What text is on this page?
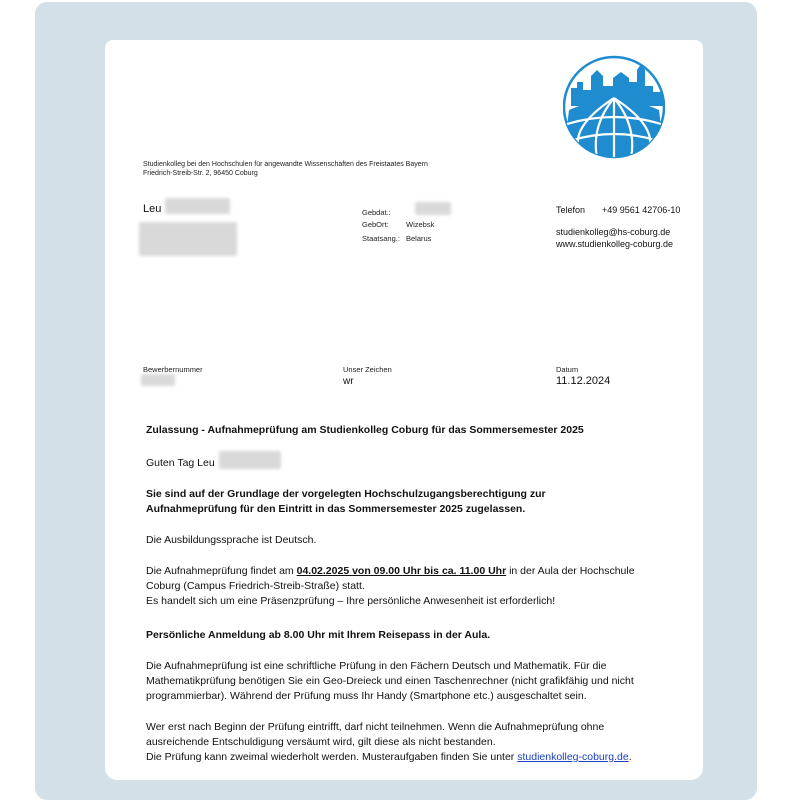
Studienkolleg bei den Hochschulen für angewandte Wissenschaften des Freistaates Bayern
Friedrich-Streib-Str. 2, 96450 Coburg
Leu	Gebdat.:
GebOrt: Wizebsk
Staatsang.: Belarus
Telefon +49 9561 42706-10
studienkolleg@hs-coburg.de
www.studienkolleg-coburg.de
Bewerbernummer	Unser Zeichen
wr
Datum
11.12.2024
Zulassung - Aufnahmeprüfung am Studienkolleg Coburg für das Sommersemester 2025
Guten Tag Leu
Sie sind auf der Grundlage der vorgelegten Hochschulzugangsberechtigung zur
Aufnahmeprüfung für den Eintritt in das Sommersemester 2025 zugelassen.
Die Ausbildungssprache ist Deutsch.
Die Aufnahmeprüfung findet am 04.02.2025 von 09.00 Uhr bis ca. 11.00 Uhr in der Aula der Hochschule
Coburg (Campus Friedrich-Streib-Straße) statt.
Es handelt sich um eine Präsenzprüfung – Ihre persönliche Anwesenheit ist erforderlich!
Persönliche Anmeldung ab 8.00 Uhr mit Ihrem Reisepass in der Aula.
Die Aufnahmeprüfung ist eine schriftliche Prüfung in den Fächern Deutsch und Mathematik. Für die
Mathematikprüfung benötigen Sie ein Geo-Dreieck und einen Taschenrechner (nicht grafikfähig und nicht
programmierbar). Während der Prüfung muss Ihr Handy (Smartphone etc.) ausgeschaltet sein.
Wer erst nach Beginn der Prüfung eintrifft, darf nicht teilnehmen. Wenn die Aufnahmeprüfung ohne
ausreichende Entschuldigung versäumt wird, gilt diese als nicht bestanden.
Die Prüfung kann zweimal wiederholt werden. Musteraufgaben finden Sie unter studienkolleg-coburg.de.
